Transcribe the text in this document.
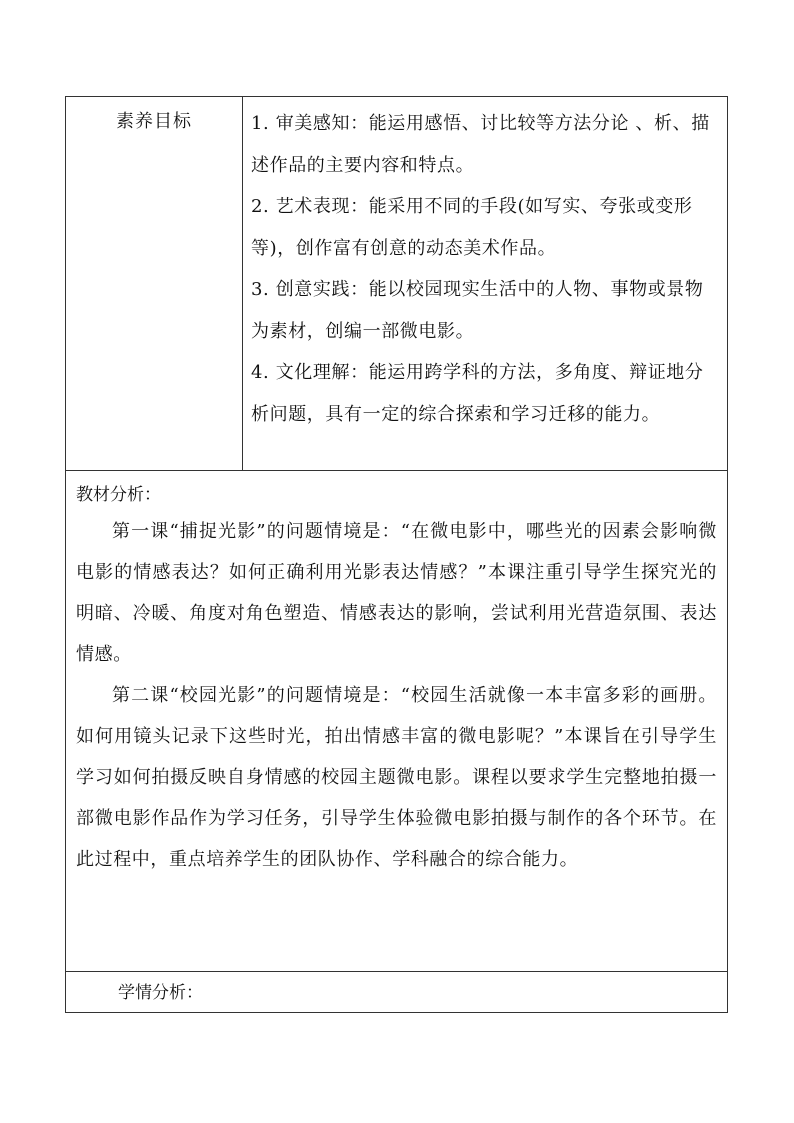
素养目标	1. 审美感知：能运用感悟、讨比较等方法分论 、析、描述作品的主要内容和特点。

2. 艺术表现：能采用不同的手段(如写实、夸张或变形等)，创作富有创意的动态美术作品。

3. 创意实践：能以校园现实生活中的人物、事物或景物为素材，创编一部微电影。

4. 文化理解：能运用跨学科的方法，多角度、辩证地分析问题，具有一定的综合探索和学习迁移的能力。

教材分析：

第一课“捕捉光影”的问题情境是：“在微电影中，哪些光的因素会影响微电影的情感表达？如何正确利用光影表达情感？”本课注重引导学生探究光的明暗、冷暖、角度对角色塑造、情感表达的影响，尝试利用光营造氛围、表达情感。

第二课“校园光影”的问题情境是：“校园生活就像一本丰富多彩的画册。如何用镜头记录下这些时光，拍出情感丰富的微电影呢？”本课旨在引导学生学习如何拍摄反映自身情感的校园主题微电影。课程以要求学生完整地拍摄一部微电影作品作为学习任务，引导学生体验微电影拍摄与制作的各个环节。在此过程中，重点培养学生的团队协作、学科融合的综合能力。

学情分析：
